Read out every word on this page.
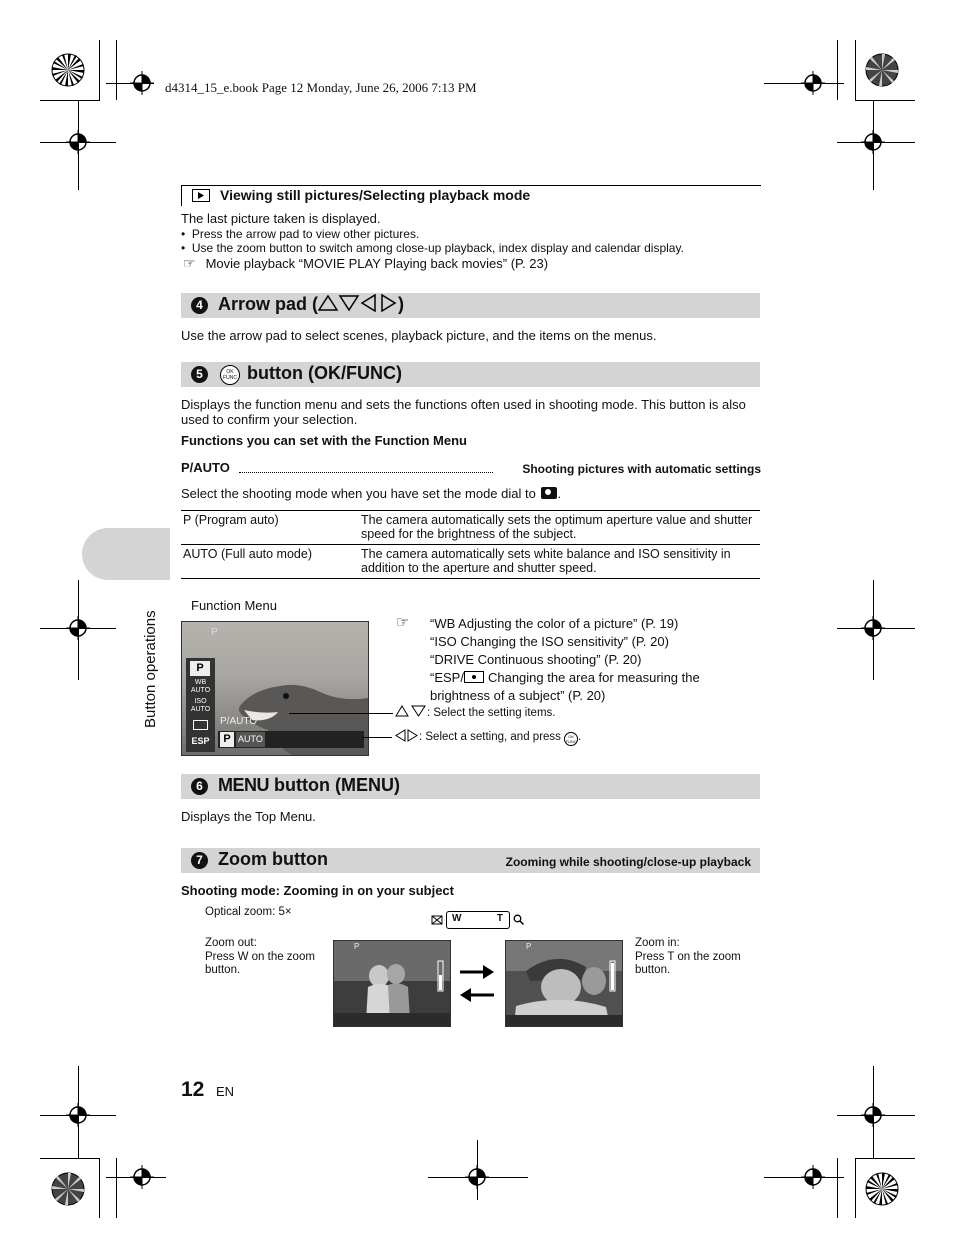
d4314_15_e.book Page 12 Monday, June 26, 2006 7:13 PM
Button operations
Viewing still pictures/Selecting playback mode
The last picture taken is displayed.
•  Press the arrow pad to view other pictures.
•  Use the zoom button to switch among close-up playback, index display and calendar display.
☞ Movie playback “MOVIE PLAY Playing back movies” (P. 23)
4 Arrow pad (	)
Use the arrow pad to select scenes, playback picture, and the items on the menus.
5	OK
FUNC button (OK/FUNC)
Displays the function menu and sets the functions often used in shooting mode. This button is also used to confirm your selection.
Functions you can set with the Function Menu
P/AUTO	Shooting pictures with automatic settings
Select the shooting mode when you have set the mode dial to .
P (Program auto)	The camera automatically sets the optimum aperture value and shutter speed for the brightness of the subject.
AUTO (Full auto mode)	The camera automatically sets white balance and ISO sensitivity in addition to the aperture and shutter speed.
Function Menu
P
P
WB
AUTO
ISO
AUTO
ESP
P/AUTO
P AUTO
: Select the setting items.
: Select a setting, and press	OK
FUNC .
☞ “WB Adjusting the color of a picture” (P. 19)
“ISO Changing the ISO sensitivity” (P. 20)
“DRIVE Continuous shooting” (P. 20)
“ESP/ Changing the area for measuring the
brightness of a subject” (P. 20)
6 MENU button (MENU)
Displays the Top Menu.
7 Zoom button	Zooming while shooting/close-up playback
Shooting mode: Zooming in on your subject
Optical zoom: 5×
W	T
Zoom out:
Press W on the zoom button.
Zoom in:
Press T on the zoom button.
P	P
12 EN
